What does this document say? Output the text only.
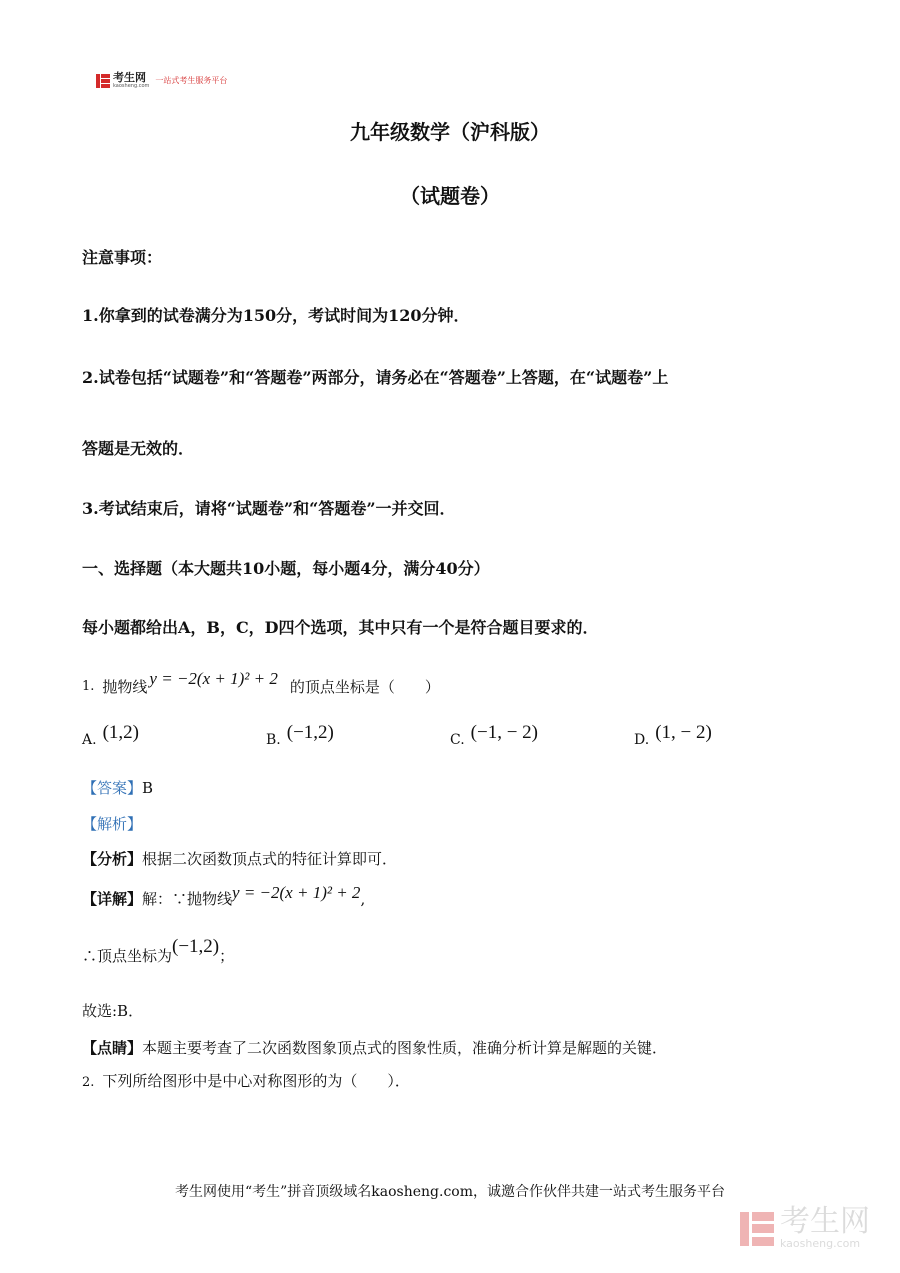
考生网
kaosheng.com
一站式考生服务平台
九年级数学（沪科版）
（试题卷）
注意事项：
1.你拿到的试卷满分为150分，考试时间为120分钟．
2.试卷包括“试题卷”和“答题卷”两部分，请务必在“答题卷”上答题，在“试题卷”上
答题是无效的．
3.考试结束后，请将“试题卷”和“答题卷”一并交回．
一、选择题（本大题共10小题，每小题4分，满分40分）
每小题都给出A，B，C，D四个选项，其中只有一个是符合题目要求的．
1. 抛物线 y = −2(x + 1)² + 2 的顶点坐标是（　　）
A. (1,2)	B. (−1,2)	C. (−1, − 2)	D. (1, − 2)
【答案】B
【解析】
【分析】根据二次函数顶点式的特征计算即可．
【详解】 解：∵抛物线 y = −2(x + 1)² + 2 ,
∴顶点坐标为 (−1,2) ；
故选:B．
【点睛】本题主要考查了二次函数图象顶点式的图象性质，准确分析计算是解题的关键．
2. 下列所给图形中是中心对称图形的为（　　）．
考生网使用“考生”拼音顶级域名kaosheng.com，诚邀合作伙伴共建一站式考生服务平台
考生网
kaosheng.com
